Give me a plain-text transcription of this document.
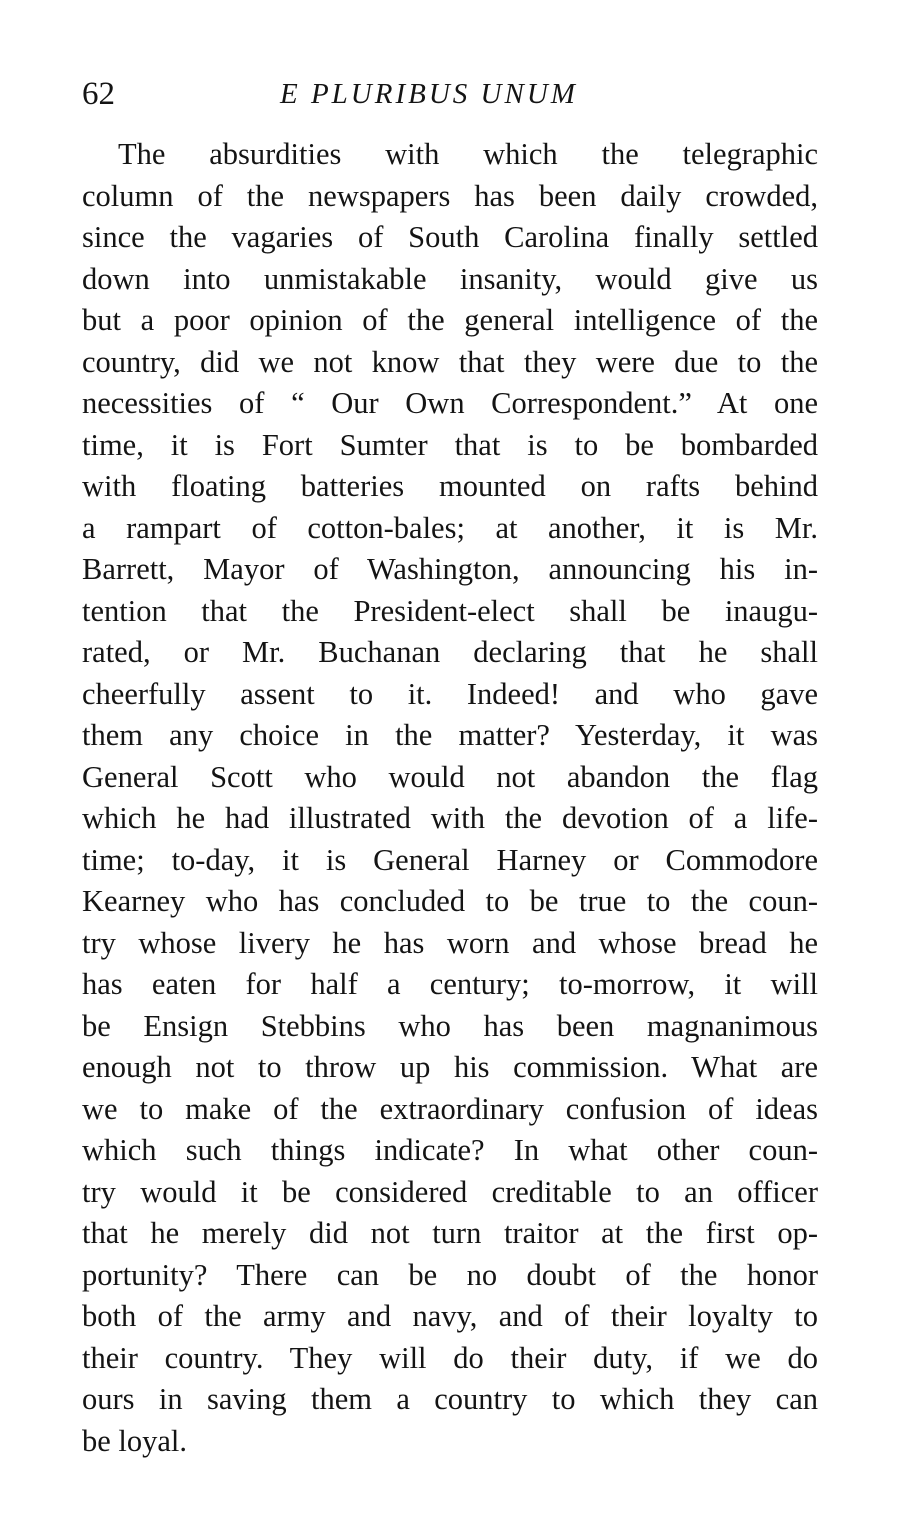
62	E PLURIBUS UNUM
The absurdities with which the telegraphic
column of the newspapers has been daily crowded,
since the vagaries of South Carolina finally settled
down into unmistakable insanity, would give us
but a poor opinion of the general intelligence of the
country, did we not know that they were due to the
necessities of “ Our Own Correspondent.” At one
time, it is Fort Sumter that is to be bombarded
with floating batteries mounted on rafts behind
a rampart of cotton-bales; at another, it is Mr.
Barrett, Mayor of Washington, announcing his in-
tention that the President-elect shall be inaugu-
rated, or Mr. Buchanan declaring that he shall
cheerfully assent to it. Indeed! and who gave
them any choice in the matter? Yesterday, it was
General Scott who would not abandon the flag
which he had illustrated with the devotion of a life-
time; to-day, it is General Harney or Commodore
Kearney who has concluded to be true to the coun-
try whose livery he has worn and whose bread he
has eaten for half a century; to-morrow, it will
be Ensign Stebbins who has been magnanimous
enough not to throw up his commission. What are
we to make of the extraordinary confusion of ideas
which such things indicate? In what other coun-
try would it be considered creditable to an officer
that he merely did not turn traitor at the first op-
portunity? There can be no doubt of the honor
both of the army and navy, and of their loyalty to
their country. They will do their duty, if we do
ours in saving them a country to which they can
be loyal.
